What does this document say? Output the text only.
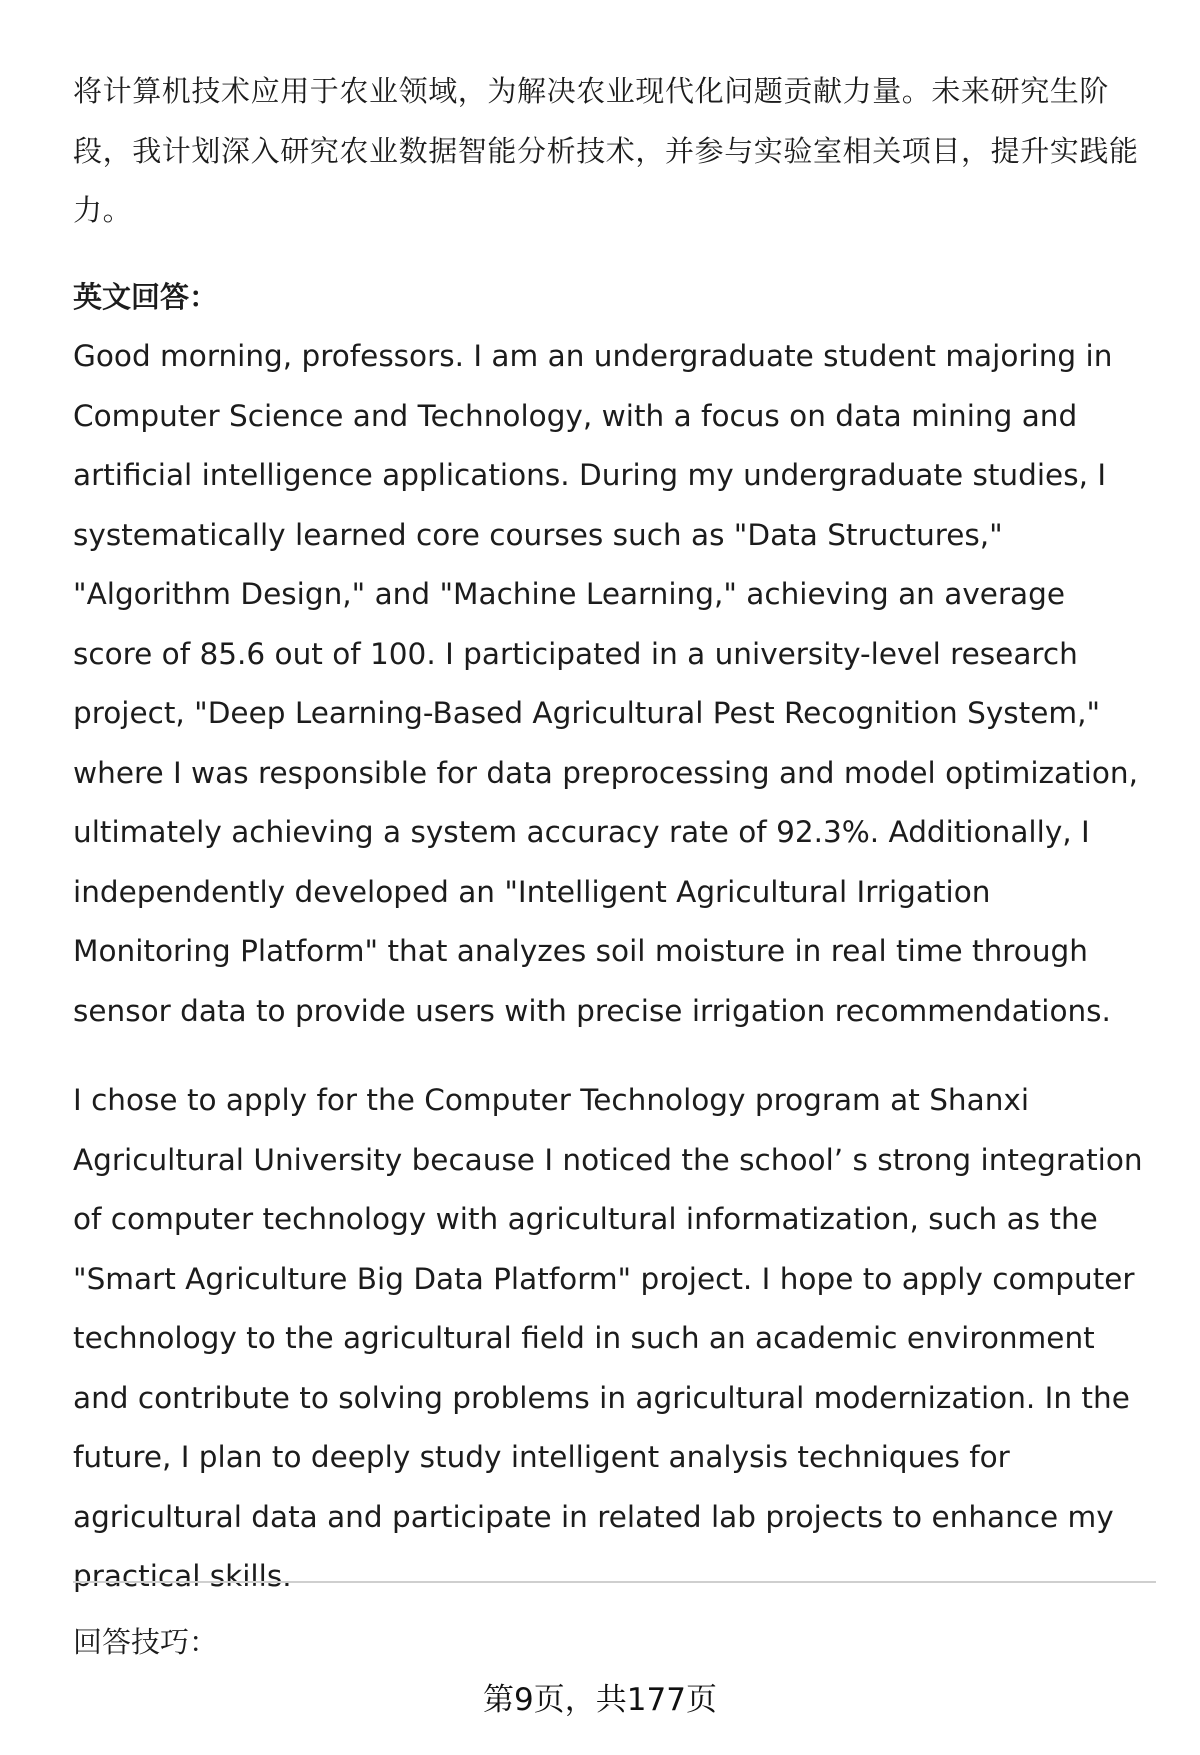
将计算机技术应用于农业领域，为解决农业现代化问题贡献力量。未来研究生阶段，我计划深入研究农业数据智能分析技术，并参与实验室相关项目，提升实践能力。

英文回答：

Good morning, professors. I am an undergraduate student majoring in Computer Science and Technology, with a focus on data mining and artificial intelligence applications. During my undergraduate studies, I systematically learned core courses such as "Data Structures," "Algorithm Design," and "Machine Learning," achieving an average score of 85.6 out of 100. I participated in a university-level research project, "Deep Learning-Based Agricultural Pest Recognition System," where I was responsible for data preprocessing and model optimization, ultimately achieving a system accuracy rate of 92.3%. Additionally, I independently developed an "Intelligent Agricultural Irrigation Monitoring Platform" that analyzes soil moisture in real time through sensor data to provide users with precise irrigation recommendations.

I chose to apply for the Computer Technology program at Shanxi Agricultural University because I noticed the school’ s strong integration of computer technology with agricultural informatization, such as the "Smart Agriculture Big Data Platform" project. I hope to apply computer technology to the agricultural field in such an academic environment and contribute to solving problems in agricultural modernization. In the future, I plan to deeply study intelligent analysis techniques for agricultural data and participate in related lab projects to enhance my practical skills.

回答技巧：

第9页，共177页
